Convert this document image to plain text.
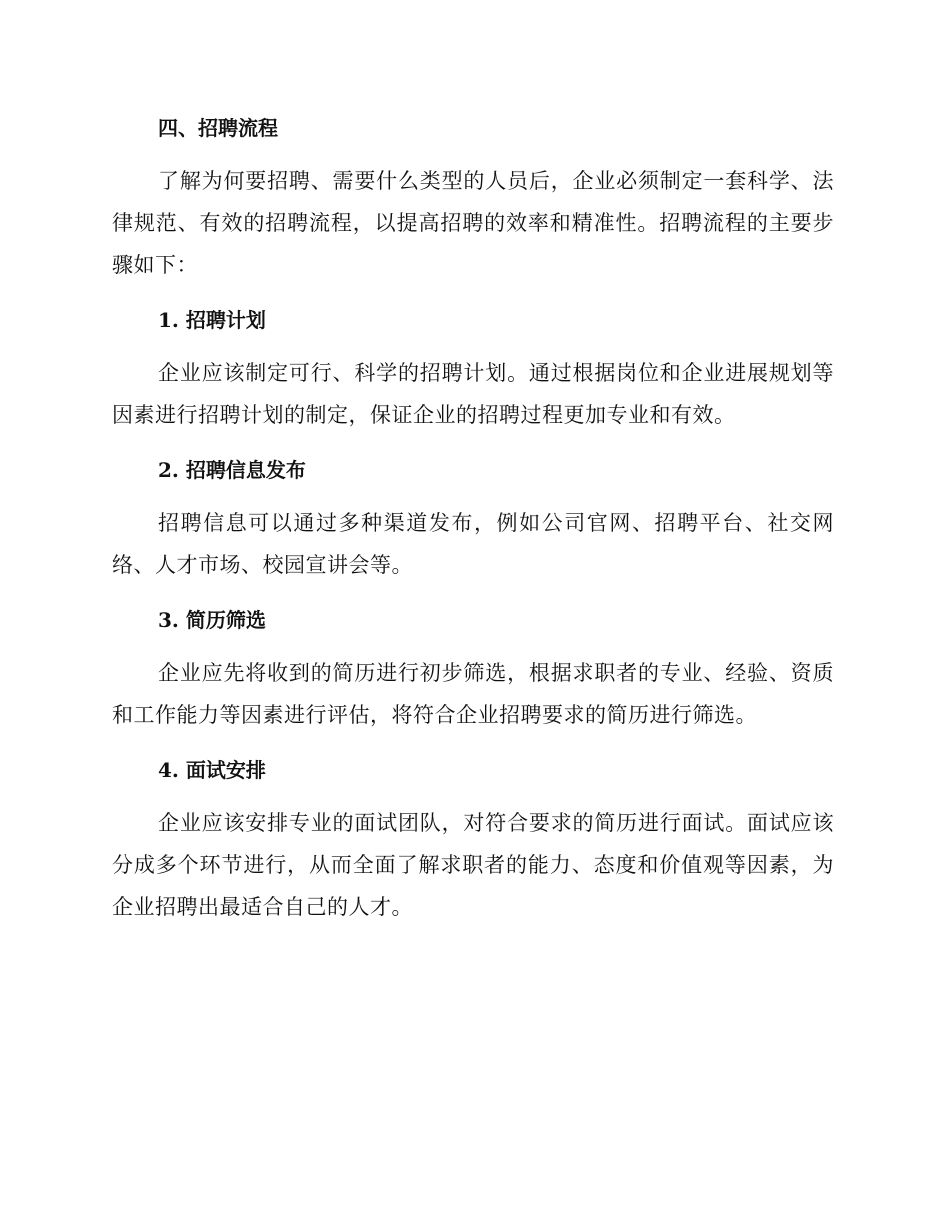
四、招聘流程

了解为何要招聘、需要什么类型的人员后，企业必须制定一套科学、法律规范、有效的招聘流程，以提高招聘的效率和精准性。招聘流程的主要步骤如下：

1. 招聘计划

企业应该制定可行、科学的招聘计划。通过根据岗位和企业进展规划等因素进行招聘计划的制定，保证企业的招聘过程更加专业和有效。

2. 招聘信息发布

招聘信息可以通过多种渠道发布，例如公司官网、招聘平台、社交网络、人才市场、校园宣讲会等。

3. 简历筛选

企业应先将收到的简历进行初步筛选，根据求职者的专业、经验、资质和工作能力等因素进行评估，将符合企业招聘要求的简历进行筛选。

4. 面试安排

企业应该安排专业的面试团队，对符合要求的简历进行面试。面试应该分成多个环节进行，从而全面了解求职者的能力、态度和价值观等因素，为企业招聘出最适合自己的人才。
